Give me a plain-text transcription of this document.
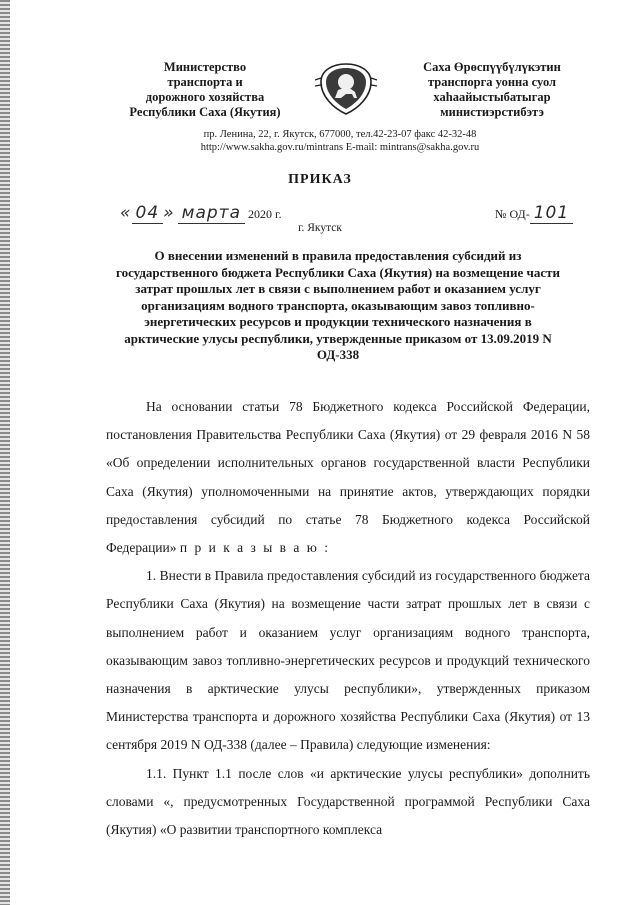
Министерство
транспорта и
дорожного хозяйства
Республики Саха (Якутия)
Саха Өрөспүүбүлүкэтин
транспорга уонна суол
хаhаайыстыбатыгар
министиэрстибэтэ
пр. Ленина, 22, г. Якутск, 677000, тел.42-23-07 факс 42-32-48
http://www.sakha.gov.ru/mintrans E-mail: mintrans@sakha.gov.ru
ПРИКАЗ
« 04 » марта 2020 г.	№ ОД- 101
г. Якутск
О внесении изменений в правила предоставления субсидий из государственного бюджета Республики Саха (Якутия) на возмещение части затрат прошлых лет в связи с выполнением работ и оказанием услуг организациям водного транспорта, оказывающим завоз топливно-энергетических ресурсов и продукции технического назначения в арктические улусы республики, утвержденные приказом от 13.09.2019 N ОД-338

На основании статьи 78 Бюджетного кодекса Российской Федерации, постановления Правительства Республики Саха (Якутия) от 29 февраля 2016 N 58 «Об определении исполнительных органов государственной власти Республики Саха (Якутия) уполномоченными на принятие актов, утверждающих порядки предоставления субсидий по статье 78 Бюджетного кодекса Российской Федерации» п р и к а з ы в а ю :

1. Внести в Правила предоставления субсидий из государственного бюджета Республики Саха (Якутия) на возмещение части затрат прошлых лет в связи с выполнением работ и оказанием услуг организациям водного транспорта, оказывающим завоз топливно-энергетических ресурсов и продукций технического назначения в арктические улусы республики», утвержденных приказом Министерства транспорта и дорожного хозяйства Республики Саха (Якутия) от 13 сентября 2019 N ОД-338 (далее – Правила) следующие изменения:

1.1. Пункт 1.1 после слов «и арктические улусы республики» дополнить словами «, предусмотренных Государственной программой Республики Саха (Якутия) «О развитии транспортного комплекса
